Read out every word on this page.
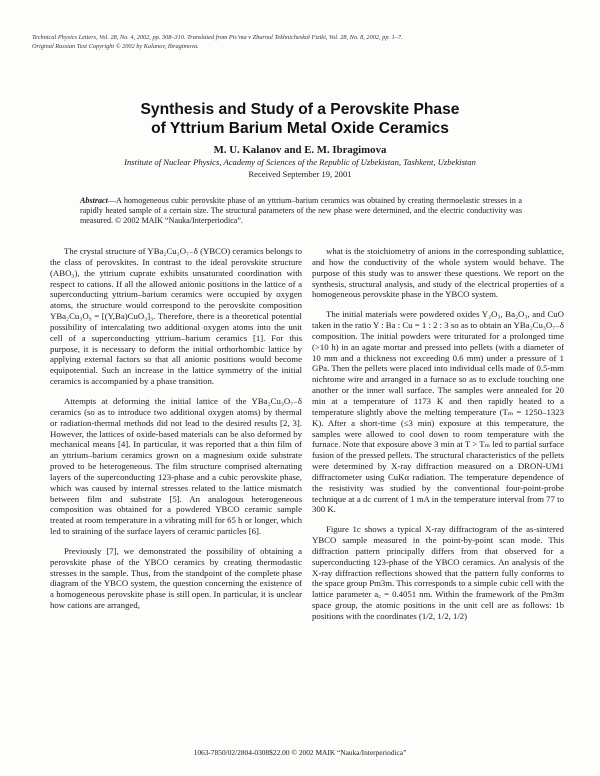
Technical Physics Letters, Vol. 28, No. 4, 2002, pp. 308–310. Translated from Pis’ma v Zhurnal Tekhnicheskoĭ Fiziki, Vol. 28, No. 8, 2002, pp. 1–7.
Original Russian Text Copyright © 2002 by Kalanov, Ibragimova.
Synthesis and Study of a Perovskite Phase
of Yttrium Barium Metal Oxide Ceramics
M. U. Kalanov and E. M. Ibragimova
Institute of Nuclear Physics, Academy of Sciences of the Republic of Uzbekistan, Tashkent, Uzbekistan
Received September 19, 2001
Abstract—A homogeneous cubic perovskite phase of an yttrium–barium ceramics was obtained by creating thermoelastic stresses in a rapidly heated sample of a certain size. The structural parameters of the new phase were determined, and the electric conductivity was measured. © 2002 MAIK “Nauka/Interperiodica”.

The crystal structure of YBa₂Cu₃O₇₋δ (YBCO) ceramics belongs to the class of perovskites. In contrast to the ideal perovskite structure (ABO₃), the yttrium cuprate exhibits unsaturated coordination with respect to cations. If all the allowed anionic positions in the lattice of a superconducting yttrium–barium ceramics were occupied by oxygen atoms, the structure would correspond to the perovskite composition YBa₂Cu₃O₉ = [(Y,Ba)CuO₃]₃. Therefore, there is a theoretical potential possibility of intercalating two additional oxygen atoms into the unit cell of a superconducting yttrium–barium ceramics [1]. For this purpose, it is necessary to deform the initial orthorhombic lattice by applying external factors so that all anionic positions would become equipotential. Such an increase in the lattice symmetry of the initial ceramics is accompanied by a phase transition.

Attempts at deforming the initial lattice of the YBa₂Cu₃O₇₋δ ceramics (so as to introduce two additional oxygen atoms) by thermal or radiation-thermal methods did not lead to the desired results [2, 3]. However, the lattices of oxide-based materials can be also deformed by mechanical means [4]. In particular, it was reported that a thin film of an yttrium–barium ceramics grown on a magnesium oxide substrate proved to be heterogeneous. The film structure comprised alternating layers of the superconducting 123-phase and a cubic perovskite phase, which was caused by internal stresses related to the lattice mismatch between film and substrate [5]. An analogous heterogeneous composition was obtained for a powdered YBCO ceramic sample treated at room temperature in a vibrating mill for 65 h or longer, which led to straining of the surface layers of ceramic particles [6].

Previously [7], we demonstrated the possibility of obtaining a perovskite phase of the YBCO ceramics by creating thermodastic stresses in the sample. Thus, from the standpoint of the complete phase diagram of the YBCO system, the question concerning the existence of a homogeneous perovskite phase is still open. In particular, it is unclear how cations are arranged,

what is the stoichiometry of anions in the corresponding sublattice, and how the conductivity of the whole system would behave. The purpose of this study was to answer these questions. We report on the synthesis, structural analysis, and study of the electrical properties of a homogeneous perovskite phase in the YBCO system.

The initial materials were powdered oxides Y₂O₃, Ba₂O₃, and CuO taken in the ratio Y : Ba : Cu = 1 : 2 : 3 so as to obtain an YBa₂Cu₃O₇₋δ composition. The initial powders were triturated for a prolonged time (>10 h) in an agate mortar and pressed into pellets (with a diameter of 10 mm and a thickness not exceeding 0.6 mm) under a pressure of 1 GPa. Then the pellets were placed into individual cells made of 0.5-mm nichrome wire and arranged in a furnace so as to exclude touching one another or the inner wall surface. The samples were annealed for 20 min at a temperature of 1173 K and then rapidly heated to a temperature slightly above the melting temperature (Tₘ = 1250–1323 K). After a short-time (≤3 min) exposure at this temperature, the samples were allowed to cool down to room temperature with the furnace. Note that exposure above 3 min at T > Tₘ led to partial surface fusion of the pressed pellets. The structural characteristics of the pellets were determined by X-ray diffraction measured on a DRON-UM1 diffractometer using CuKα radiation. The temperature dependence of the resistivity was studied by the conventional four-point-probe technique at a dc current of 1 mA in the temperature interval from 77 to 300 K.

Figure 1c shows a typical X-ray diffractogram of the as-sintered YBCO sample measured in the point-by-point scan mode. This diffraction pattern principally differs from that observed for a superconducting 123-phase of the YBCO ceramics. An analysis of the X-ray diffraction reflections showed that the pattern fully conforms to the space group Pm3m. This corresponds to a simple cubic cell with the lattice parameter a꜀ = 0.4051 nm. Within the framework of the Pm3m space group, the atomic positions in the unit cell are as follows: 1b positions with the coordinates (1/2, 1/2, 1/2)

1063-7850/02/2804-0308$22.00 © 2002 MAIK “Nauka/Interperiodica”
